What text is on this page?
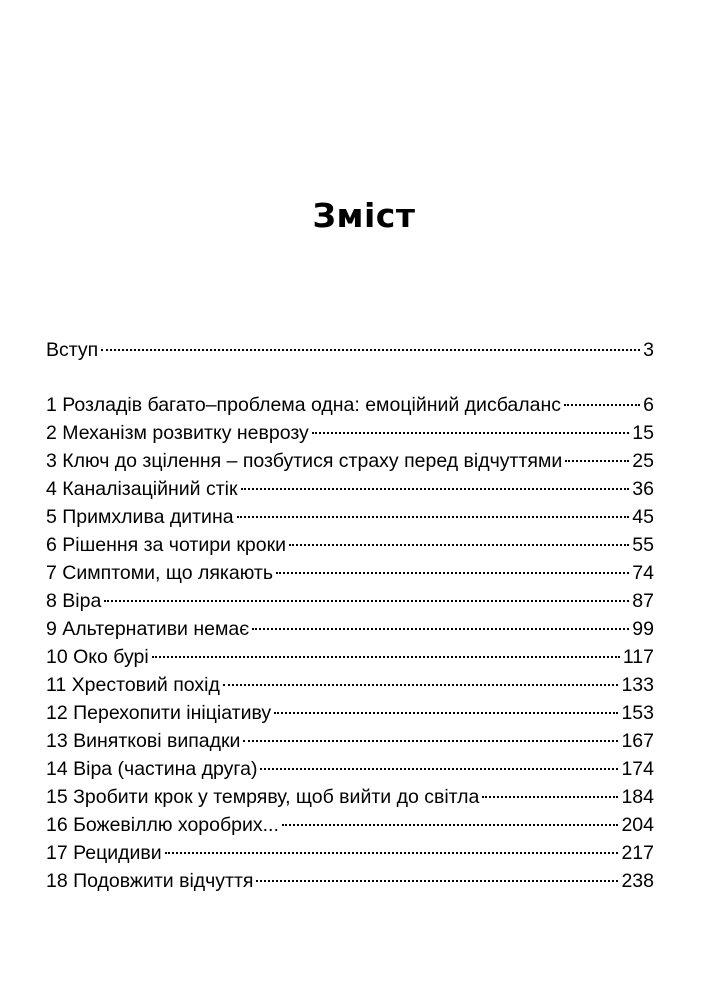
Зміст
Вступ	3
1 Розладів багато–проблема одна: емоційний дисбаланс	6
2 Механізм розвитку неврозу	15
3 Ключ до зцілення – позбутися страху перед відчуттями	25
4 Каналізаційний стік	36
5 Примхлива дитина	45
6 Рішення за чотири кроки	55
7 Симптоми, що лякають	74
8 Віра	87
9 Альтернативи немає	99
10 Око бурі	117
11 Хрестовий похід	133
12 Перехопити ініціативу	153
13 Виняткові випадки	167
14 Віра (частина друга)	174
15 Зробити крок у темряву, щоб вийти до світла	184
16 Божевіллю хоробрих...	204
17 Рецидиви	217
18 Подовжити відчуття	238
